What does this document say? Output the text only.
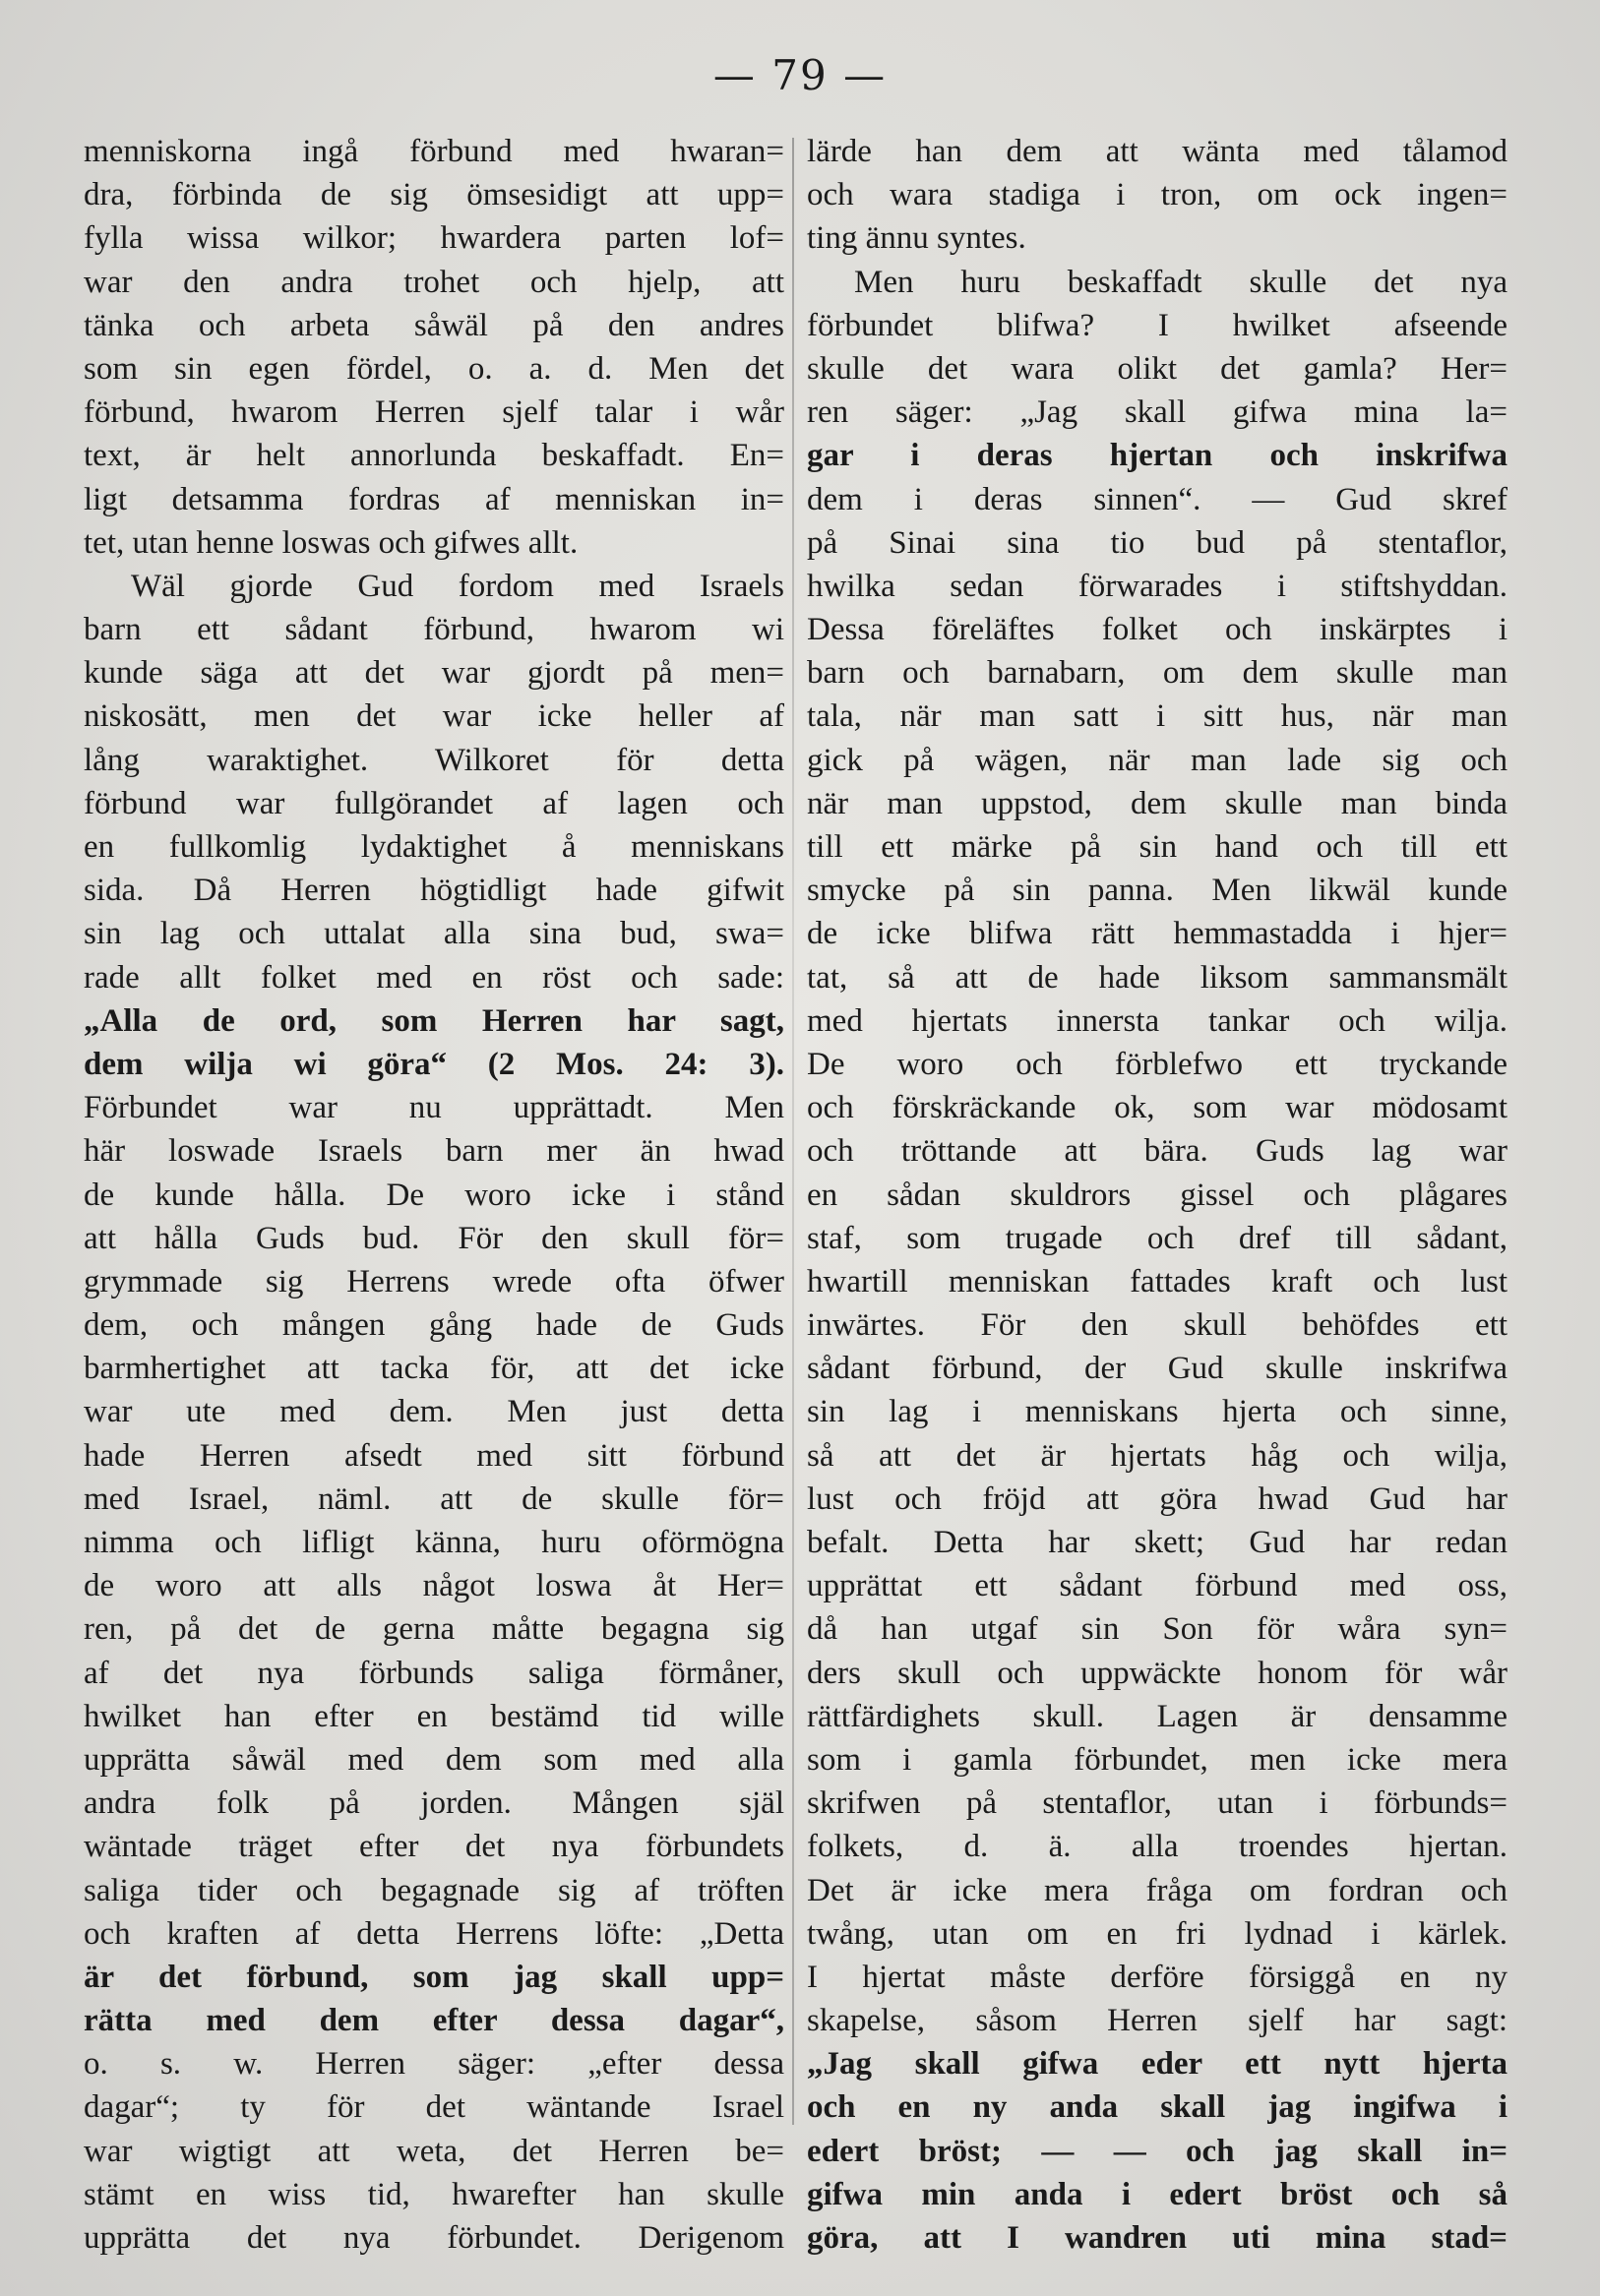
— 79 —
menniskorna ingå förbund med hwaran=
dra, förbinda de sig ömsesidigt att upp=
fylla wissa wilkor; hwardera parten lof=
war den andra trohet och hjelp, att
tänka och arbeta såwäl på den andres
som sin egen fördel, o. a. d. Men det
förbund, hwarom Herren sjelf talar i wår
text, är helt annorlunda beskaffadt. En=
ligt detsamma fordras af menniskan in=
tet, utan henne loswas och gifwes allt.
Wäl gjorde Gud fordom med Israels
barn ett sådant förbund, hwarom wi
kunde säga att det war gjordt på men=
niskosätt, men det war icke heller af
lång waraktighet. Wilkoret för detta
förbund war fullgörandet af lagen och
en fullkomlig lydaktighet å menniskans
sida. Då Herren högtidligt hade gifwit
sin lag och uttalat alla sina bud, swa=
rade allt folket med en röst och sade:
„Alla de ord, som Herren har sagt,
dem wilja wi göra“ (2 Mos. 24: 3).
Förbundet war nu upprättadt. Men
här loswade Israels barn mer än hwad
de kunde hålla. De woro icke i stånd
att hålla Guds bud. För den skull för=
grymmade sig Herrens wrede ofta öfwer
dem, och mången gång hade de Guds
barmhertighet att tacka för, att det icke
war ute med dem. Men just detta
hade Herren afsedt med sitt förbund
med Israel, näml. att de skulle för=
nimma och lifligt känna, huru oförmögna
de woro att alls något loswa åt Her=
ren, på det de gerna måtte begagna sig
af det nya förbunds saliga förmåner,
hwilket han efter en bestämd tid wille
upprätta såwäl med dem som med alla
andra folk på jorden. Mången själ
wäntade träget efter det nya förbundets
saliga tider och begagnade sig af tröften
och kraften af detta Herrens löfte: „Detta
är det förbund, som jag skall upp=
rätta med dem efter dessa dagar“,
o. s. w. Herren säger: „efter dessa
dagar“; ty för det wäntande Israel
war wigtigt att weta, det Herren be=
stämt en wiss tid, hwarefter han skulle
upprätta det nya förbundet. Derigenom
lärde han dem att wänta med tålamod
och wara stadiga i tron, om ock ingen=
ting ännu syntes.
Men huru beskaffadt skulle det nya
förbundet blifwa? I hwilket afseende
skulle det wara olikt det gamla? Her=
ren säger: „Jag skall gifwa mina la=
gar i deras hjertan och inskrifwa
dem i deras sinnen“. — Gud skref
på Sinai sina tio bud på stentaflor,
hwilka sedan förwarades i stiftshyddan.
Dessa föreläftes folket och inskärptes i
barn och barnabarn, om dem skulle man
tala, när man satt i sitt hus, när man
gick på wägen, när man lade sig och
när man uppstod, dem skulle man binda
till ett märke på sin hand och till ett
smycke på sin panna. Men likwäl kunde
de icke blifwa rätt hemmastadda i hjer=
tat, så att de hade liksom sammansmält
med hjertats innersta tankar och wilja.
De woro och förblefwo ett tryckande
och förskräckande ok, som war mödosamt
och tröttande att bära. Guds lag war
en sådan skuldrors gissel och plågares
staf, som trugade och dref till sådant,
hwartill menniskan fattades kraft och lust
inwärtes. För den skull behöfdes ett
sådant förbund, der Gud skulle inskrifwa
sin lag i menniskans hjerta och sinne,
så att det är hjertats håg och wilja,
lust och fröjd att göra hwad Gud har
befalt. Detta har skett; Gud har redan
upprättat ett sådant förbund med oss,
då han utgaf sin Son för wåra syn=
ders skull och uppwäckte honom för wår
rättfärdighets skull. Lagen är densamme
som i gamla förbundet, men icke mera
skrifwen på stentaflor, utan i förbunds=
folkets, d. ä. alla troendes hjertan.
Det är icke mera fråga om fordran och
twång, utan om en fri lydnad i kärlek.
I hjertat måste derföre försiggå en ny
skapelse, såsom Herren sjelf har sagt:
„Jag skall gifwa eder ett nytt hjerta
och en ny anda skall jag ingifwa i
edert bröst; — — och jag skall in=
gifwa min anda i edert bröst och så
göra, att I wandren uti mina stad=
